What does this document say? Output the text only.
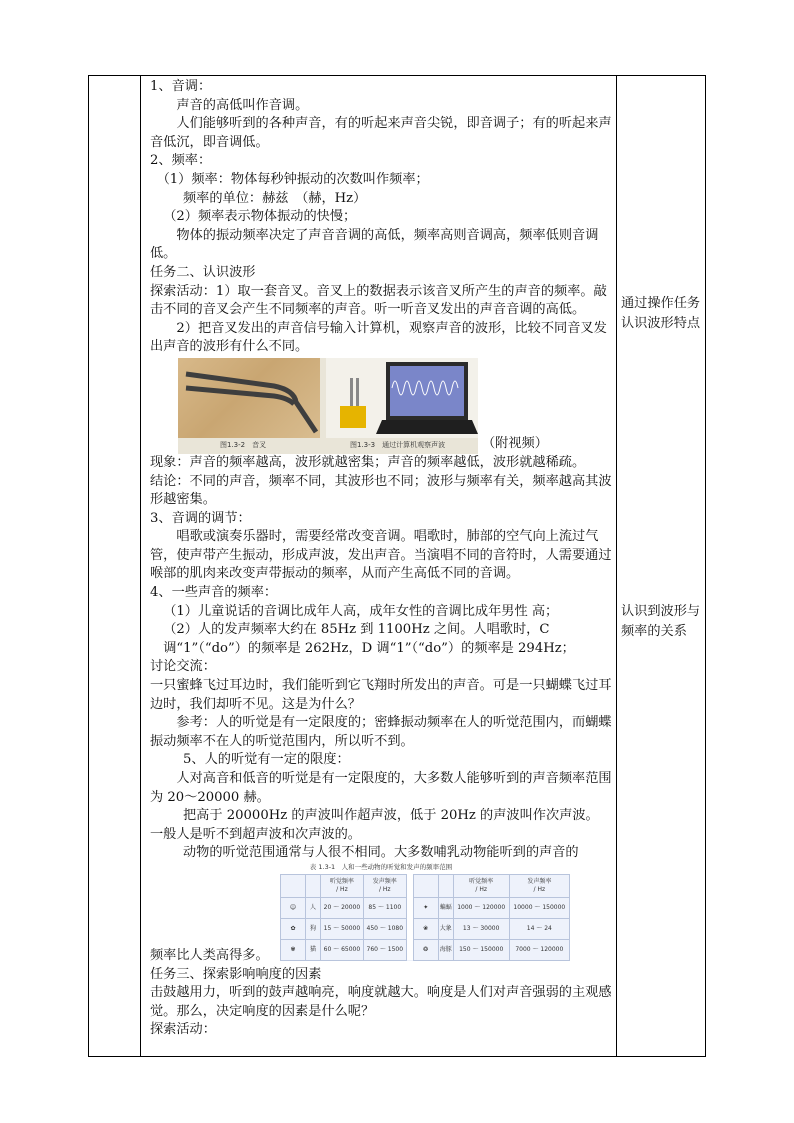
1、音调：

声音的高低叫作音调。

人们能够听到的各种声音，有的听起来声音尖锐，即音调子；有的听起来声音低沉，即音调低。

2、频率：

（1）频率：物体每秒钟振动的次数叫作频率；

频率的单位：赫兹　（赫，Hz）

（2）频率表示物体振动的快慢；

物体的振动频率决定了声音音调的高低，频率高则音调高，频率低则音调低。

任务二、认识波形

探索活动：1）取一套音叉。音叉上的数据表示该音叉所产生的声音的频率。敲击不同的音叉会产生不同频率的声音。听一听音叉发出的声音音调的高低。

2）把音叉发出的声音信号输入计算机，观察声音的波形，比较不同音叉发出声音的波形有什么不同。

图1.3-2　音叉	图1.3-3　通过计算机观察声波	（附视频）

现象：声音的频率越高，波形就越密集；声音的频率越低，波形就越稀疏。

结论：不同的声音，频率不同，其波形也不同；波形与频率有关，频率越高其波形越密集。

3、音调的调节：

唱歌或演奏乐器时，需要经常改变音调。唱歌时，肺部的空气向上流过气管，使声带产生振动，形成声波，发出声音。当演唱不同的音符时，人需要通过喉部的肌肉来改变声带振动的频率，从而产生高低不同的音调。

4、一些声音的频率：

（1）儿童说话的音调比成年人高，成年女性的音调比成年男性 高；

（2）人的发声频率大约在 85Hz 到 1100Hz 之间。人唱歌时，C 调“1”（“do”）的频率是 262Hz，D 调“1”（“do”）的频率是 294Hz；

讨论交流：

一只蜜蜂飞过耳边时，我们能听到它飞翔时所发出的声音。可是一只蝴蝶飞过耳边时，我们却听不见。这是为什么？

参考：人的听觉是有一定限度的；密蜂振动频率在人的听觉范围内，而蝴蝶振动频率不在人的听觉范围内，所以听不到。

5、人的听觉有一定的限度：

人对高音和低音的听觉是有一定限度的，大多数人能够听到的声音频率范围为 20～20000 赫。

把高于 20000Hz 的声波叫作超声波，低于 20Hz 的声波叫作次声波。

一般人是听不到超声波和次声波的。

动物的听觉范围通常与人很不相同。大多数哺乳动物能听到的声音的

表 1.3-1　人和一些动物的听觉和发声的频率范围

		听觉频率
/ Hz	发声频率
/ Hz				听觉频率
/ Hz	发声频率
/ Hz
☺	人	20 ～ 20000	85 ～ 1100		✦	蝙蝠	1000 ～ 120000	10000 ～ 150000
✿	狗	15 ～ 50000	450 ～ 1080		❀	大象	13 ～ 30000	14 ～ 24
✾	猫	60 ～ 65000	760 ～ 1500		❂	海豚	150 ～ 150000	7000 ～ 120000

频率比人类高得多。

任务三、探索影响响度的因素

击鼓越用力，听到的鼓声越响亮，响度就越大。响度是人们对声音强弱的主观感觉。那么，决定响度的因素是什么呢？

探索活动：

通过操作任务认识波形特点
认识到波形与频率的关系
